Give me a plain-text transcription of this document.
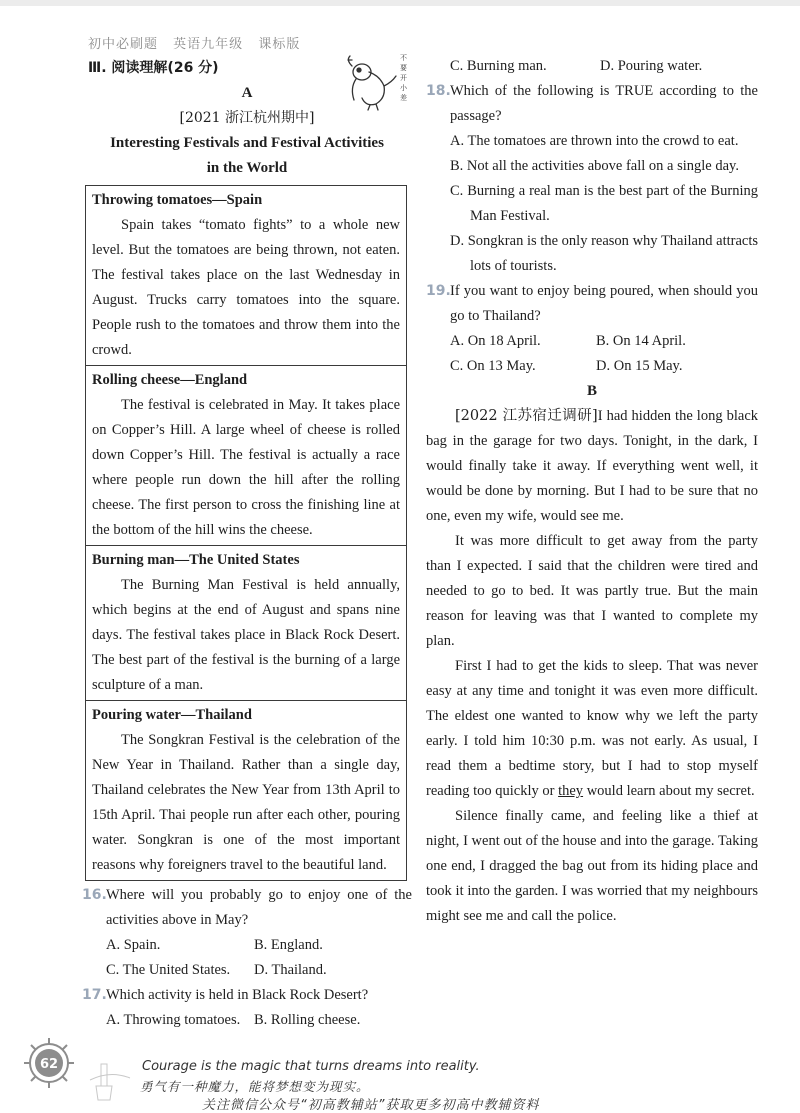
初中必刷题 英语九年级 课标版
不
要
开
小
差
Ⅲ. 阅读理解(26 分)
A
[2021 浙江杭州期中]
Interesting Festivals and Festival Activities
in the World
Throwing tomatoes—Spain
Spain takes “tomato fights” to a whole new level. But the tomatoes are being thrown, not eaten. The festival takes place on the last Wednesday in August. Trucks carry tomatoes into the square. People rush to the tomatoes and throw them into the crowd.

Rolling cheese—England
The festival is celebrated in May. It takes place on Copper’s Hill. A large wheel of cheese is rolled down Copper’s Hill. The festival is actually a race where people run down the hill after the rolling cheese. The first person to cross the finishing line at the bottom of the hill wins the cheese.

Burning man—The United States
The Burning Man Festival is held annually, which begins at the end of August and spans nine days. The festival takes place in Black Rock Desert. The best part of the festival is the burning of a large sculpture of a man.

Pouring water—Thailand
The Songkran Festival is the celebration of the New Year in Thailand. Rather than a single day, Thailand celebrates the New Year from 13th April to 15th April. Thai people run after each other, pouring water. Songkran is one of the most important reasons why foreigners travel to the beautiful land.
16. Where will you probably go to enjoy one of the activities above in May?
A. Spain.	B. England.
C. The United States.	D. Thailand.
17. Which activity is held in Black Rock Desert?
A. Throwing tomatoes. B. Rolling cheese.
C. Burning man.	D. Pouring water.
18. Which of the following is TRUE according to the passage?
A. The tomatoes are thrown into the crowd to eat.
B. Not all the activities above fall on a single day.
C. Burning a real man is the best part of the Burning Man Festival.
D. Songkran is the only reason why Thailand attracts lots of tourists.
19. If you want to enjoy being poured, when should you go to Thailand?
A. On 18 April.	B. On 14 April.
C. On 13 May.	D. On 15 May.
B

[2022 江苏宿迁调研]I had hidden the long black bag in the garage for two days. Tonight, in the dark, I would finally take it away. If everything went well, it would be done by morning. But I had to be sure that no one, even my wife, would see me.

It was more difficult to get away from the party than I expected. I said that the children were tired and needed to go to bed. It was partly true. But the main reason for leaving was that I wanted to complete my plan.

First I had to get the kids to sleep. That was never easy at any time and tonight it was even more difficult. The eldest one wanted to know why we left the party early. I told him 10:30 p.m. was not early. As usual, I read them a bedtime story, but I had to stop myself reading too quickly or they would learn about my secret.

Silence finally came, and feeling like a thief at night, I went out of the house and into the garage. Taking one end, I dragged the bag out from its hiding place and took it into the garden. I was worried that my neighbours might see me and call the police.

62	Courage is the magic that turns dreams into reality.
勇气有一种魔力，能将梦想变为现实。
关注微信公众号“初高教辅站”获取更多初高中教辅资料
